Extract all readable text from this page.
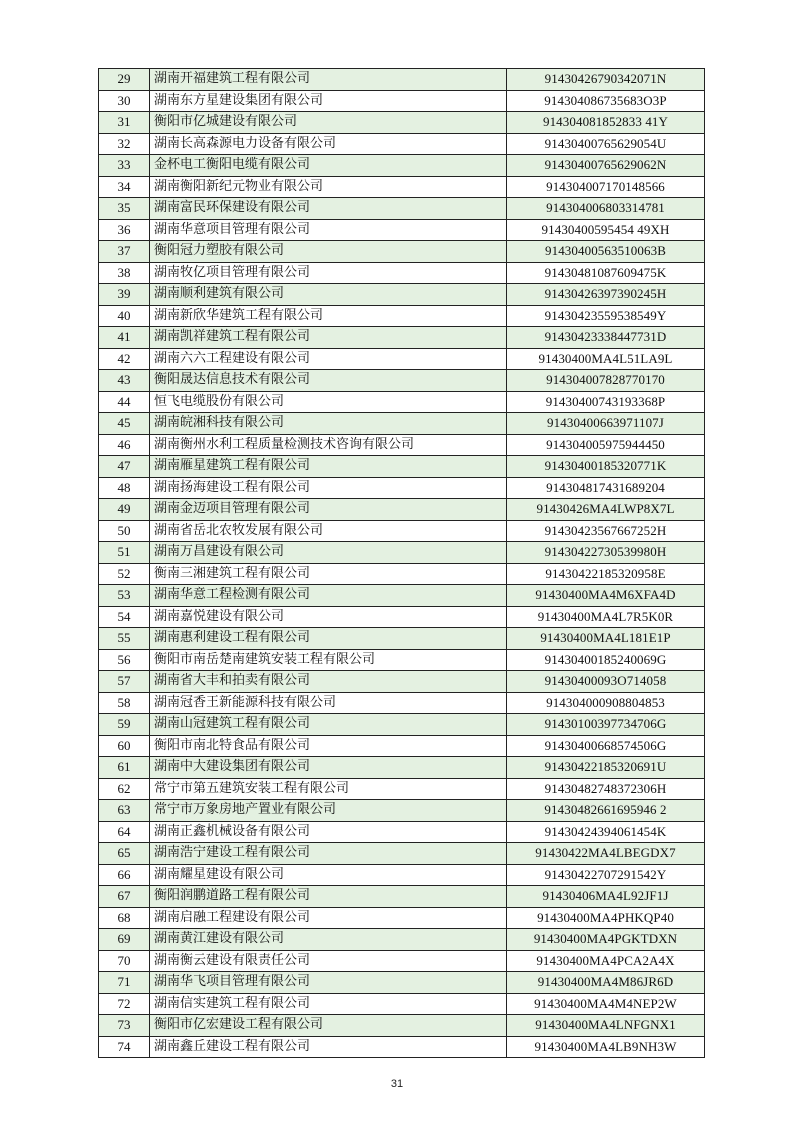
29	湖南开福建筑工程有限公司	91430426790342071N
30	湖南东方星建设集团有限公司	914304086735683O3P
31	衡阳市亿城建设有限公司	914304081852833 41Y
32	湖南长高森源电力设备有限公司	91430400765629054U
33	金杯电工衡阳电缆有限公司	91430400765629062N
34	湖南衡阳新纪元物业有限公司	914304007170148566
35	湖南富民环保建设有限公司	914304006803314781
36	湖南华意项目管理有限公司	91430400595454 49XH
37	衡阳冠力塑胶有限公司	91430400563510063B
38	湖南牧亿项目管理有限公司	91430481087609475K
39	湖南顺利建筑有限公司	91430426397390245H
40	湖南新欣华建筑工程有限公司	91430423559538549Y
41	湖南凯祥建筑工程有限公司	91430423338447731D
42	湖南六六工程建设有限公司	91430400MA4L51LA9L
43	衡阳晟达信息技术有限公司	914304007828770170
44	恒飞电缆股份有限公司	91430400743193368P
45	湖南皖湘科技有限公司	91430400663971107J
46	湖南衡州水利工程质量检测技术咨询有限公司	914304005975944450
47	湖南雁星建筑工程有限公司	91430400185320771K
48	湖南扬海建设工程有限公司	914304817431689204
49	湖南金迈项目管理有限公司	91430426MA4LWP8X7L
50	湖南省岳北农牧发展有限公司	91430423567667252H
51	湖南万昌建设有限公司	91430422730539980H
52	衡南三湘建筑工程有限公司	91430422185320958E
53	湖南华意工程检测有限公司	91430400MA4M6XFA4D
54	湖南嘉悦建设有限公司	91430400MA4L7R5K0R
55	湖南惠利建设工程有限公司	91430400MA4L181E1P
56	衡阳市南岳楚南建筑安装工程有限公司	91430400185240069G
57	湖南省大丰和拍卖有限公司	91430400093O714058
58	湖南冠香王新能源科技有限公司	914304000908804853
59	湖南山冠建筑工程有限公司	91430100397734706G
60	衡阳市南北特食品有限公司	91430400668574506G
61	湖南中大建设集团有限公司	91430422185320691U
62	常宁市第五建筑安装工程有限公司	91430482748372306H
63	常宁市万象房地产置业有限公司	91430482661695946 2
64	湖南正鑫机械设备有限公司	91430424394061454K
65	湖南浩宁建设工程有限公司	91430422MA4LBEGDX7
66	湖南耀星建设有限公司	91430422707291542Y
67	衡阳润鹏道路工程有限公司	91430406MA4L92JF1J
68	湖南启融工程建设有限公司	91430400MA4PHKQP40
69	湖南黄江建设有限公司	91430400MA4PGKTDXN
70	湖南衡云建设有限责任公司	91430400MA4PCA2A4X
71	湖南华飞项目管理有限公司	91430400MA4M86JR6D
72	湖南信实建筑工程有限公司	91430400MA4M4NEP2W
73	衡阳市亿宏建设工程有限公司	91430400MA4LNFGNX1
74	湖南鑫丘建设工程有限公司	91430400MA4LB9NH3W
31
